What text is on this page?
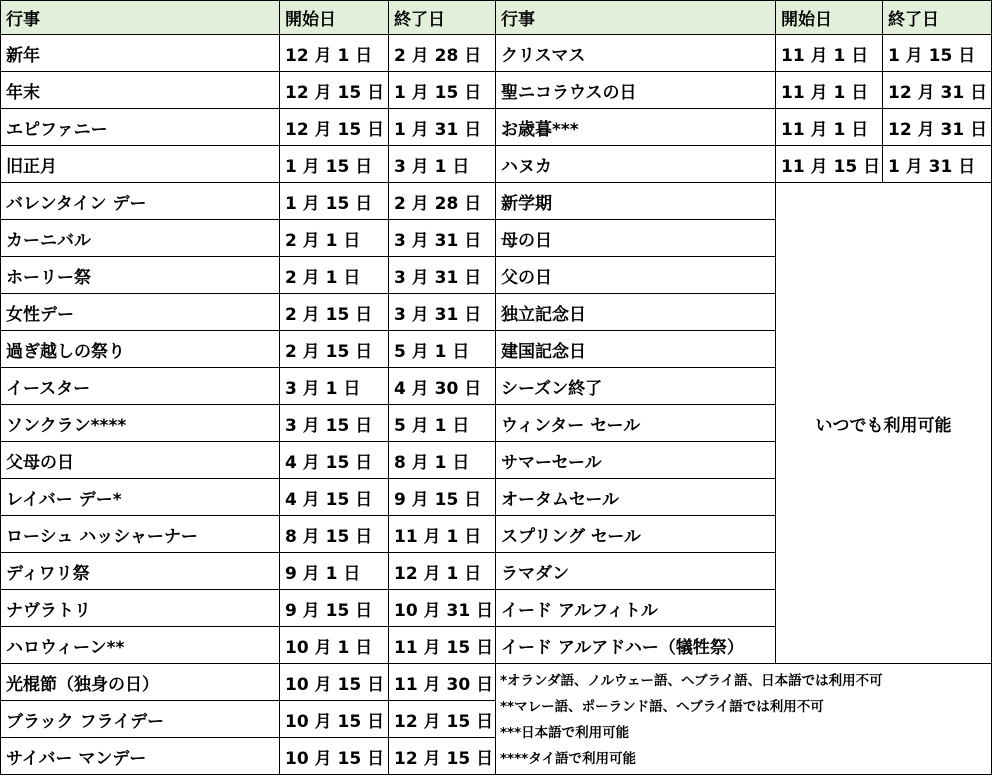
行事	開始日	終了日	行事	開始日	終了日
新年	12 月 1 日	2 月 28 日	クリスマス	11 月 1 日	1 月 15 日
年末	12 月 15 日	1 月 15 日	聖ニコラウスの日	11 月 1 日	12 月 31 日
エピファニー	12 月 15 日	1 月 31 日	お歳暮***	11 月 1 日	12 月 31 日
旧正月	1 月 15 日	3 月 1 日	ハヌカ	11 月 15 日	1 月 31 日
バレンタイン デー	1 月 15 日	2 月 28 日	新学期	いつでも利用可能	
カーニバル	2 月 1 日	3 月 31 日	母の日		
ホーリー祭	2 月 1 日	3 月 31 日	父の日		
女性デー	2 月 15 日	3 月 31 日	独立記念日		
過ぎ越しの祭り	2 月 15 日	5 月 1 日	建国記念日		
イースター	3 月 1 日	4 月 30 日	シーズン終了		
ソンクラン****	3 月 15 日	5 月 1 日	ウィンター セール		
父母の日	4 月 15 日	8 月 1 日	サマーセール		
レイバー デー*	4 月 15 日	9 月 15 日	オータムセール		
ローシュ ハッシャーナー	8 月 15 日	11 月 1 日	スプリング セール		
ディワリ祭	9 月 1 日	12 月 1 日	ラマダン		
ナヴラトリ	9 月 15 日	10 月 31 日	イード アルフィトル		
ハロウィーン**	10 月 1 日	11 月 15 日	イード アルアドハー（犠牲祭）		
光棍節（独身の日）	10 月 15 日	11 月 30 日	*オランダ語、ノルウェー語、ヘブライ語、日本語では利用不可
**マレー語、ポーランド語、ヘブライ語では利用不可
***日本語で利用可能
****タイ語で利用可能		

ブラック フライデー	10 月 15 日	12 月 15 日			
サイバー マンデー	10 月 15 日	12 月 15 日			
